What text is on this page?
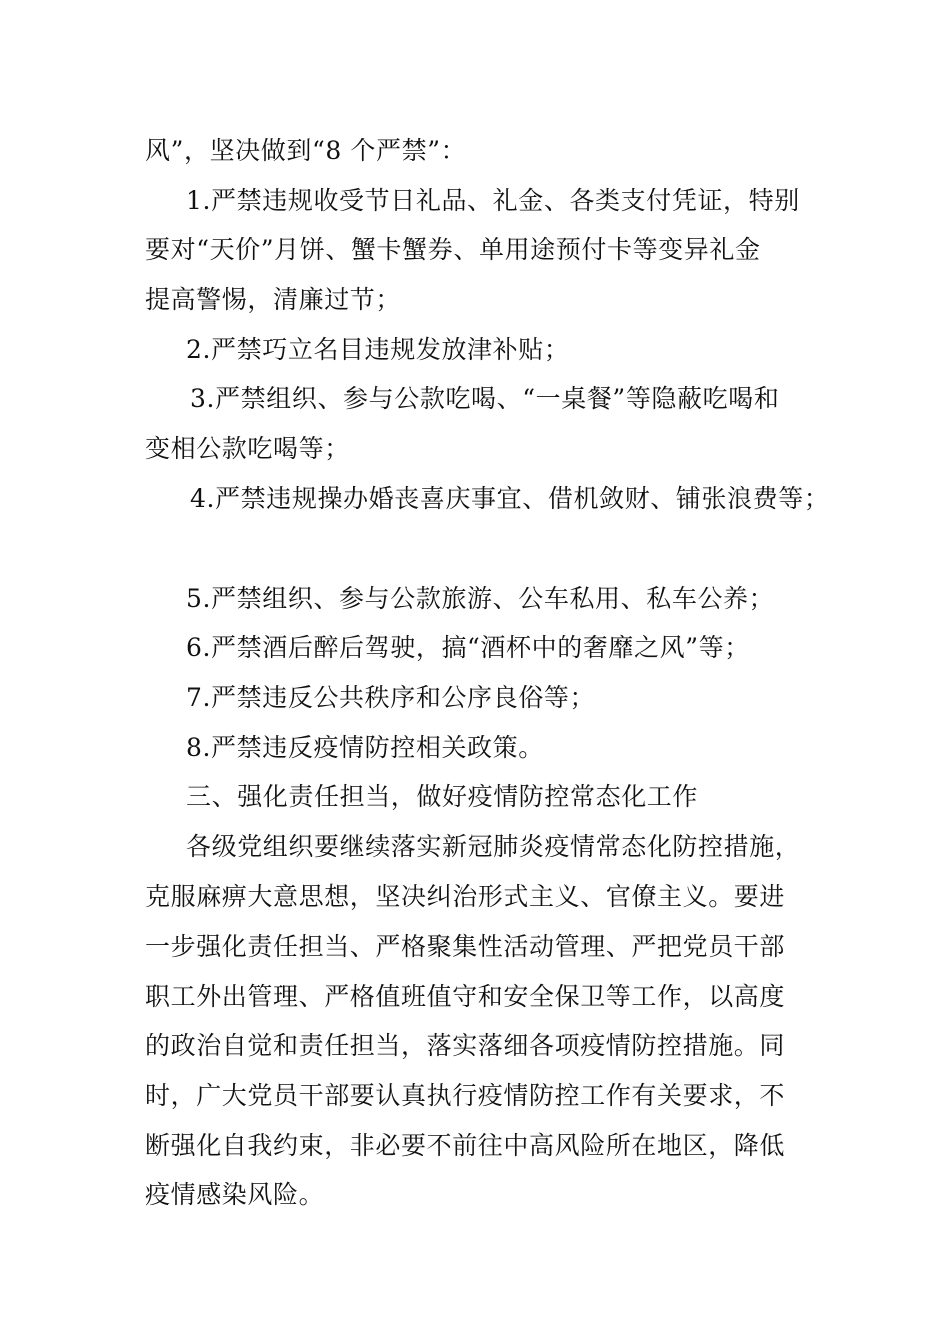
风”，坚决做到“8 个严禁”：
1.严禁违规收受节日礼品、礼金、各类支付凭证，特别
要对“天价”月饼、蟹卡蟹券、单用途预付卡等变异礼金
提高警惕，清廉过节；
2.严禁巧立名目违规发放津补贴；
3.严禁组织、参与公款吃喝、“一桌餐”等隐蔽吃喝和
变相公款吃喝等；
4.严禁违规操办婚丧喜庆事宜、借机敛财、铺张浪费等；
5.严禁组织、参与公款旅游、公车私用、私车公养；
6.严禁酒后醉后驾驶，搞“酒杯中的奢靡之风”等；
7.严禁违反公共秩序和公序良俗等；
8.严禁违反疫情防控相关政策。
三、强化责任担当，做好疫情防控常态化工作
各级党组织要继续落实新冠肺炎疫情常态化防控措施，
克服麻痹大意思想，坚决纠治形式主义、官僚主义。要进
一步强化责任担当、严格聚集性活动管理、严把党员干部
职工外出管理、严格值班值守和安全保卫等工作，以高度
的政治自觉和责任担当，落实落细各项疫情防控措施。同
时，广大党员干部要认真执行疫情防控工作有关要求，不
断强化自我约束，非必要不前往中高风险所在地区，降低
疫情感染风险。
